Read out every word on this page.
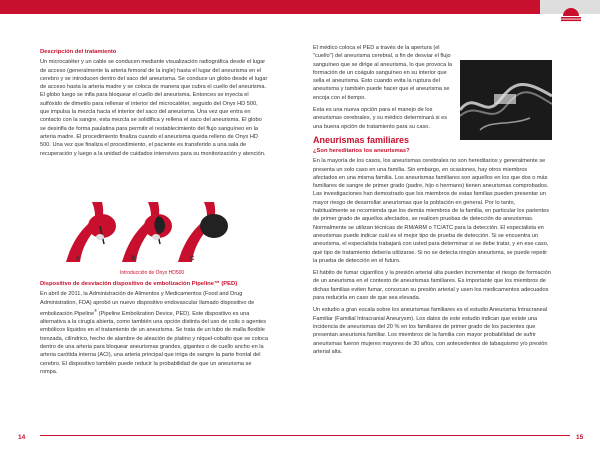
Descripción del tratamiento

Un microcatéter y un cable se conducen mediante visualización radiográfica desde el lugar de acceso (generalmente la arteria femoral de la ingle) hasta el lugar del aneurisma en el cerebro y se introducen dentro del saco del aneurisma. Se conduce un globo desde el lugar de acceso hasta la arteria madre y se coloca de manera que cubra el cuello del aneurisma. El globo luego se infla para bloquear el cuello del aneurisma. Entonces se inyecta el sulfóxido de dimetilo para rellenar el interior del microcatéter, seguido del Onyx HD 500, que impulsa la mezcla hacia el interior del saco del aneurisma. Una vez que entra en contacto con la sangre, esta mezcla se solidifica y rellena el saco del aneurisma. El globo se desinfla de forma paulatina para permitir el restablecimiento del flujo sanguíneo en la arteria madre. El procedimiento finaliza cuando el aneurisma queda relleno de Onyx HD 500. Una vez que finaliza el procedimiento, el paciente es transferido a una sala de recuperación y luego a la unidad de cuidados intensivos para su monitorización y atención.

A	B	C
Introducción de Onyx HD500
Dispositivo de desviación dispositivo de embolización Pipeline™ (PED)

En abril de 2011, la Administración de Alimentos y Medicamentos (Food and Drug Administration, FDA) aprobó un nuevo dispositivo endovascular llamado dispositivo de embolización Pipeline® (Pipeline Embolization Device, PED). Este dispositivo es una alternativa a la cirugía abierta, como también una opción distinta del uso de coils o agentes embólicos líquidos en el tratamiento de un aneurisma. Se trata de un tubo de malla flexible trenzada, cilíndrico, hecho de alambre de aleación de platino y níquel-cobalto que se coloca dentro de una arteria para bloquear aneurismas grandes, gigantes o de cuello ancho en la arteria carótida interna (ACI), una arteria principal que irriga de sangre la parte frontal del cerebro. El dispositivo también puede reducir la probabilidad de que un aneurisma se rompa.

El médico coloca el PED a través de la apertura (el "cuello") del aneurisma cerebral, a fin de desviar el flujo sanguíneo que se dirige al aneurisma, lo que provoca la formación de un coágulo sanguíneo en su interior que sella el aneurisma. Esto cuando evita la ruptura del aneurisma y también puede hacer que el aneurisma se encoja con el tiempo.

Esta es una nueva opción para el manejo de los aneurismas cerebrales, y su médico determinará si es una buena opción de tratamiento para su caso.

Aneurismas familiares
¿Son hereditarios los aneurismas?

En la mayoría de los casos, los aneurismas cerebrales no son hereditarios y generalmente se presenta un solo caso en una familia. Sin embargo, en ocasiones, hay otros miembros afectados en una misma familia. Los aneurismas familiares son aquellos en los que dos o más familiares de sangre de primer grado (padre, hijo o hermano) tienen aneurismas comprobados. Las investigaciones han demostrado que los miembros de estas familias pueden presentar un mayor riesgo de desarrollar aneurismas que la población en general. Por lo tanto, habitualmente se recomienda que los demás miembros de la familia, en particular los parientes de primer grado de aquellos afectados, se realicen pruebas de detección de aneurismas. Normalmente se utilizan técnicas de RM/ARM o TC/ATC para la detección. El especialista en aneurismas puede indicar cuál es el mejor tipo de prueba de detección. Si se encuentra un aneurisma, el especialista trabajará con usted para determinar si se debe tratar, y en ese caso, qué tipo de tratamiento debería utilizarse. Si no se detecta ningún aneurisma, se puede repetir la prueba de detección en el futuro.

El hábito de fumar cigarrillos y la presión arterial alta pueden incrementar el riesgo de formación de un aneurisma en el contexto de aneurismas familiares. Es importante que los miembros de dichas familias eviten fumar, conozcan su presión arterial y usen los medicamentos adecuados para reducirla en caso de que sea elevada.

Un estudio a gran escala sobre los aneurismas familiares es el estudio Aneurisma Intracraneal Familiar (Familial Intracranial Aneurysm). Los datos de este estudio indican que existe una incidencia de aneurismas del 20 % en los familiares de primer grado de los pacientes que presentan aneurisma familiar. Los miembros de la familia con mayor probabilidad de sufrir aneurismas fueron mujeres mayores de 30 años, con antecedentes de tabaquismo y/o presión arterial alta.

14	15
